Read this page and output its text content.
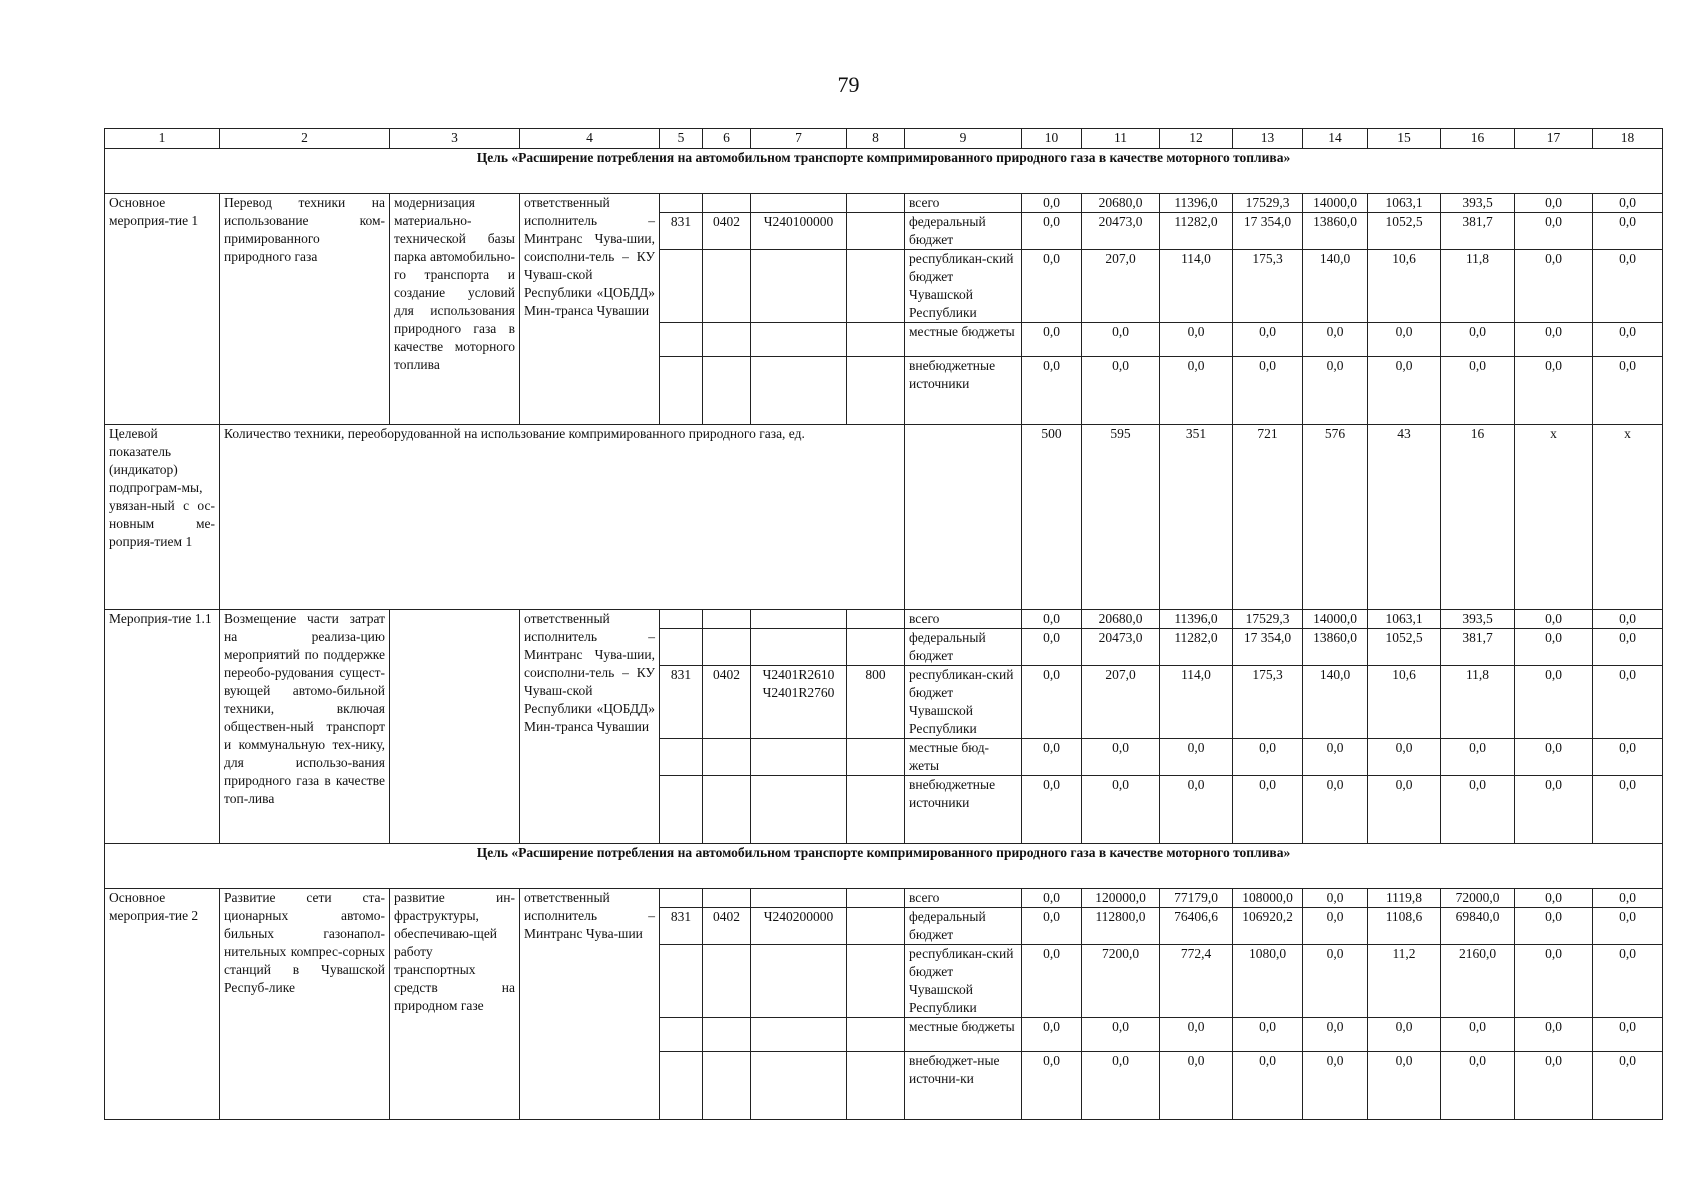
79
1	2	3	4	5	6	7	8	9	10	11	12	13	14	15	16	17	18
Цель «Расширение потребления на автомобильном транспорте компримированного природного газа в качестве моторного топлива»																	
Основное мероприя-тие 1	Перевод техники на использование ком-примированного природного газа	модернизация материально-технической базы парка автомобильно-го транспорта и создание условий для использования природного газа в качестве моторного топлива	ответственный исполнитель – Минтранс Чува-шии, соисполни-тель – КУ Чуваш-ской Республики «ЦОБДД» Мин-транса Чувашии					всего	0,0	20680,0	11396,0	17529,3	14000,0	1063,1	393,5	0,0	0,0
				831	0402	Ч240100000		федеральный бюджет	0,0	20473,0	11282,0	17 354,0	13860,0	1052,5	381,7	0,0	0,0
								республикан-ский бюджет Чувашской Республики	0,0	207,0	114,0	175,3	140,0	10,6	11,8	0,0	0,0
								местные бюджеты	0,0	0,0	0,0	0,0	0,0	0,0	0,0	0,0	0,0
								внебюджетные источники	0,0	0,0	0,0	0,0	0,0	0,0	0,0	0,0	0,0
Целевой показатель (индикатор) подпрограм-мы, увязан-ный с ос-новным ме-роприя-тием 1	Количество техники, переоборудованной на использование компримированного природного газа, ед.								500	595	351	721	576	43	16	x	x
Мероприя-тие 1.1	Возмещение части затрат на реализа-цию мероприятий по поддержке переобо-рудования сущест-вующей автомо-бильной техники, включая обществен-ный транспорт и коммунальную тех-нику, для использо-вания природного газа в качестве топ-лива		ответственный исполнитель – Минтранс Чува-шии, соисполни-тель – КУ Чуваш-ской Республики «ЦОБДД» Мин-транса Чувашии					всего	0,0	20680,0	11396,0	17529,3	14000,0	1063,1	393,5	0,0	0,0
								федеральный бюджет	0,0	20473,0	11282,0	17 354,0	13860,0	1052,5	381,7	0,0	0,0
				831	0402	Ч2401R2610 Ч2401R2760	800	республикан-ский бюджет Чувашской Республики	0,0	207,0	114,0	175,3	140,0	10,6	11,8	0,0	0,0
								местные бюд-жеты	0,0	0,0	0,0	0,0	0,0	0,0	0,0	0,0	0,0
								внебюджетные источники	0,0	0,0	0,0	0,0	0,0	0,0	0,0	0,0	0,0
Цель «Расширение потребления на автомобильном транспорте компримированного природного газа в качестве моторного топлива»																	
Основное мероприя-тие 2	Развитие сети ста-ционарных автомо-бильных газонапол-нительных компрес-сорных станций в Чувашской Респуб-лике	развитие ин-фраструктуры, обеспечиваю-щей работу транспортных средств на природном газе	ответственный исполнитель – Минтранс Чува-шии					всего	0,0	120000,0	77179,0	108000,0	0,0	1119,8	72000,0	0,0	0,0
				831	0402	Ч240200000		федеральный бюджет	0,0	112800,0	76406,6	106920,2	0,0	1108,6	69840,0	0,0	0,0
								республикан-ский бюджет Чувашской Республики	0,0	7200,0	772,4	1080,0	0,0	11,2	2160,0	0,0	0,0
								местные бюджеты	0,0	0,0	0,0	0,0	0,0	0,0	0,0	0,0	0,0
								внебюджет-ные источни-ки	0,0	0,0	0,0	0,0	0,0	0,0	0,0	0,0	0,0
